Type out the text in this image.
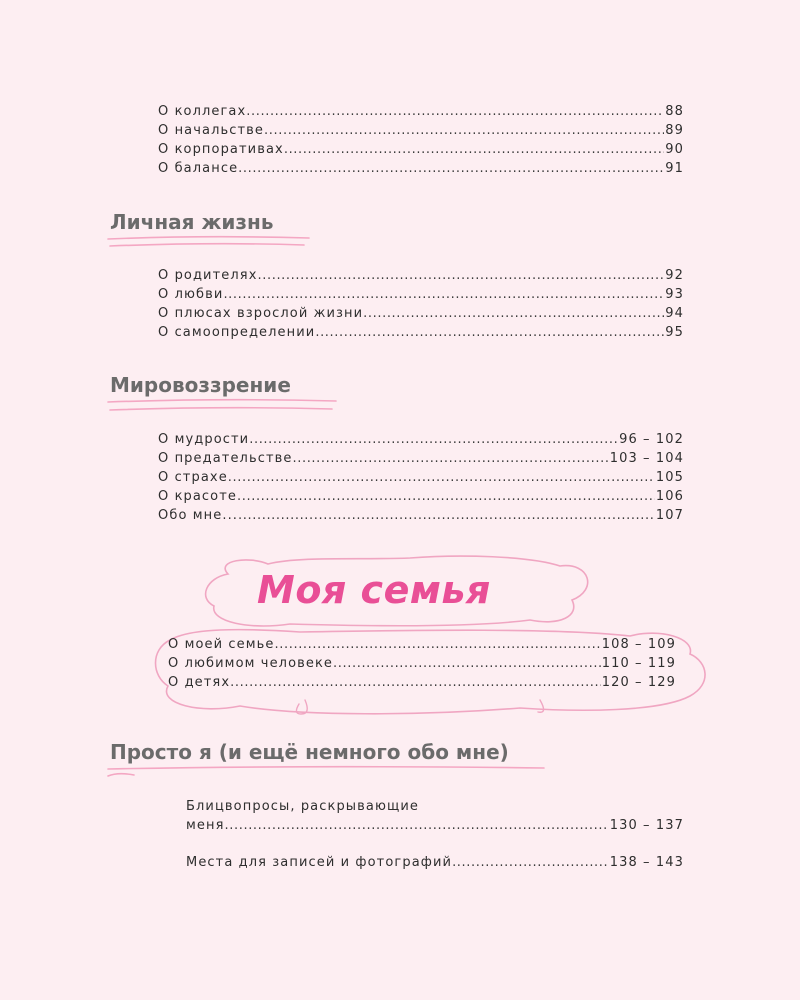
О коллегах .....	88
О начальстве .....	89
О корпоративах .....	90
О балансе .....	91
Личная жизнь
О родителях .....	92
О любви .....	93
О плюсах взрослой жизни .....	94
О самоопределении .....	95
Мировоззрение
О мудрости .....	96 – 102
О предательстве .....	103 – 104
О страхе .....	105
О красоте .....	106
Обо мне... .....	107
Моя семья
О моей семье .....	108 – 109
О любимом человеке .....	110 – 119
О детях .....	120 – 129
Просто я (и ещё немного обо мне)
Блицвопросы, раскрывающие
меня .....	130 – 137
Места для записей и фотографий .....	138 – 143
